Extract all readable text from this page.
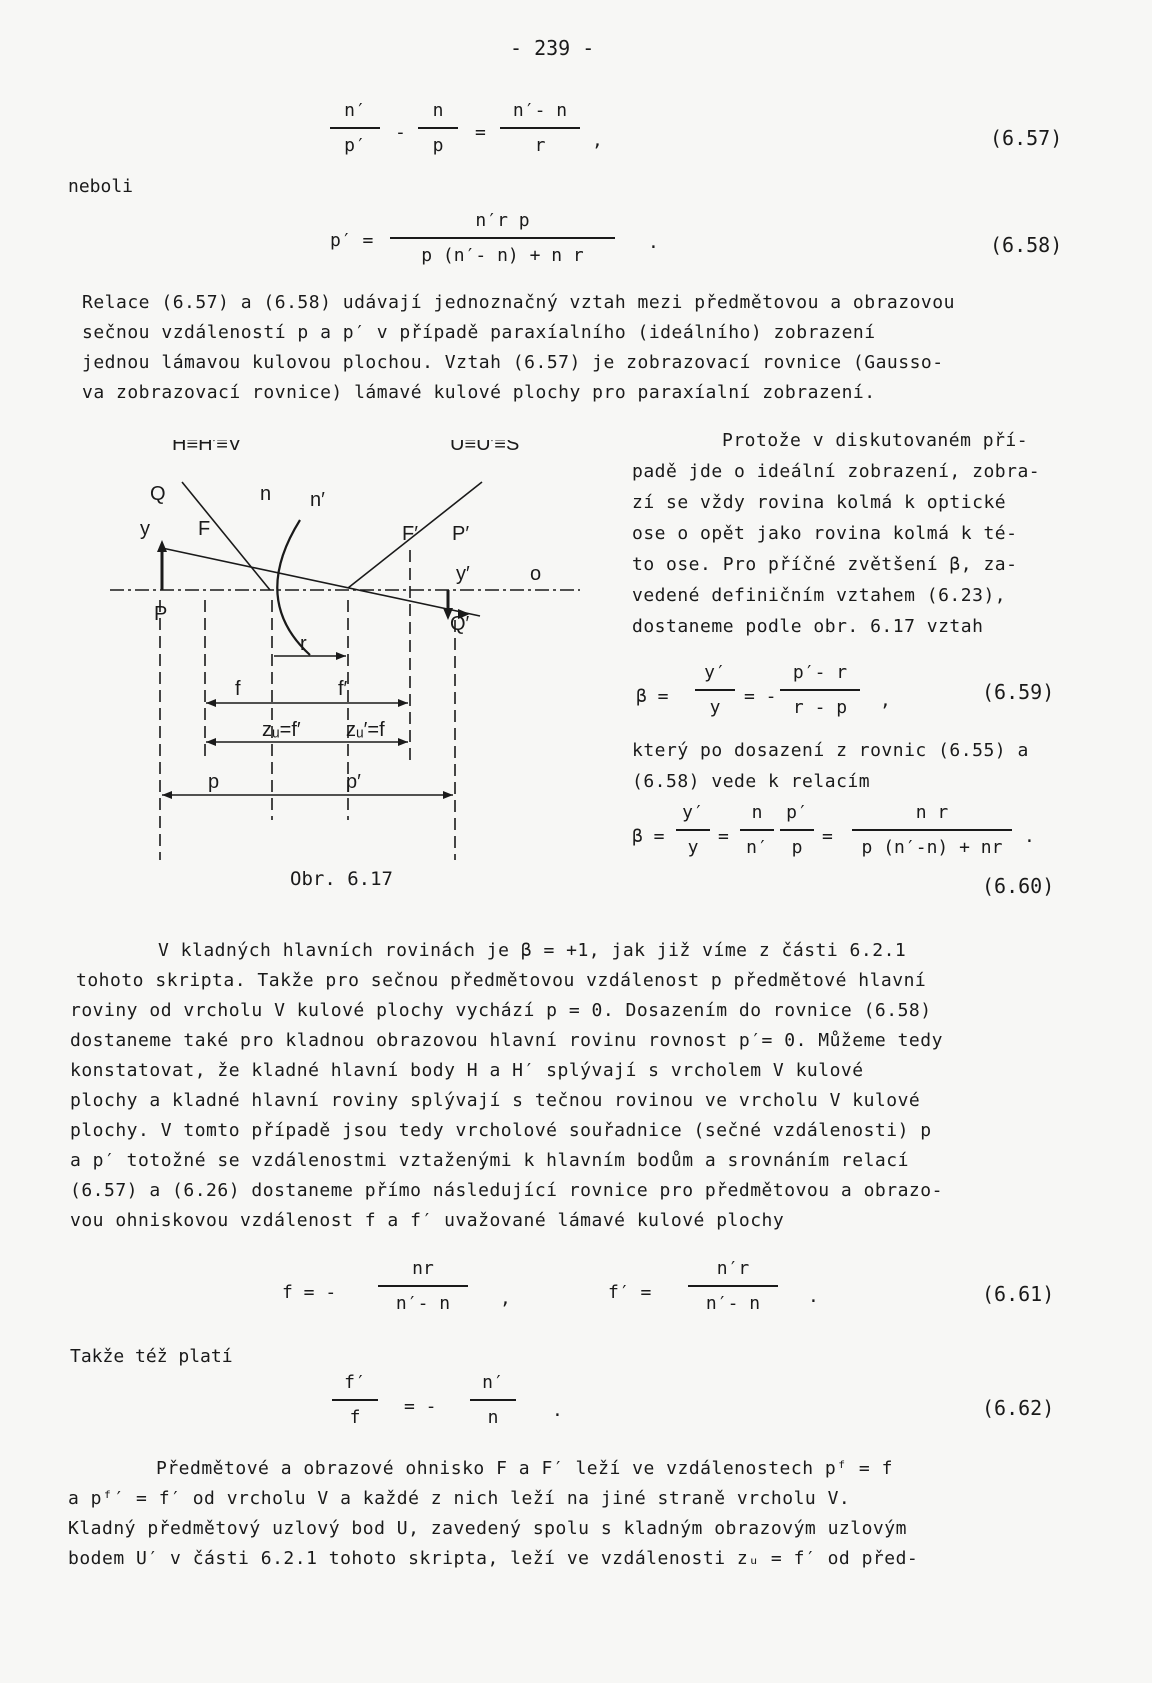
- 239 -
n′
p′
-
n
p
=
n′- n
r	,	(6.57)
neboli
p′ =
n′r p
p (n′- n) + n r
.	(6.58)
Relace (6.57) a (6.58) udávají jednoznačný vztah mezi předmětovou a obrazovou
sečnou vzdáleností p a p′ v případě paraxíalního (ideálního) zobrazení
jednou lámavou kulovou plochou. Vztah (6.57) je zobrazovací rovnice (Gausso-
va zobrazovací rovnice) lámavé kulové plochy pro paraxíalní zobrazení.
H≡H′≡V	U≡U′≡S
Q
y F
P
n n′
F′ P′
y′
Q′
o
r
f	f′
zᵤ=f′ zᵤ′=f
p	p′
Obr. 6.17
Protože v diskutovaném pří-
padě jde o ideální zobrazení, zobra-
zí se vždy rovina kolmá k optické
ose o opět jako rovina kolmá k té-
to ose. Pro příčné zvětšení β, za-
vedené definičním vztahem (6.23),
dostaneme podle obr. 6.17 vztah
β =
y′
y
= -
p′- r
r - p	,	(6.59)
který po dosazení z rovnic (6.55) a
(6.58) vede k relacím
β =
y′
y
=
n
n′
p′
p
=
n r
p (n′-n) + nr
.
(6.60)
V kladných hlavních rovinách je β = +1, jak již víme z části 6.2.1
tohoto skripta. Takže pro sečnou předmětovou vzdálenost p předmětové hlavní
roviny od vrcholu V kulové plochy vychází p = 0. Dosazením do rovnice (6.58)
dostaneme také pro kladnou obrazovou hlavní rovinu rovnost p′= 0. Můžeme tedy
konstatovat, že kladné hlavní body H a H′ splývají s vrcholem V kulové
plochy a kladné hlavní roviny splývají s tečnou rovinou ve vrcholu V kulové
plochy. V tomto případě jsou tedy vrcholové souřadnice (sečné vzdálenosti) p
a p′ totožné se vzdálenostmi vztаženými k hlavním bodům a srovnáním relací
(6.57) a (6.26) dostaneme přímo následující rovnice pro předmětovou a obrazo-
vou ohniskovou vzdálenost f a f′ uvažované lámavé kulové plochy
f = -
nr
n′- n	,	f′ =
n′r
n′- n	.	(6.61)
Takže též platí
f′
f
= -
n′
n	.	(6.62)
Předmětové a obrazové ohnisko F a F′ leží ve vzdálenostech pᶠ = f
a pᶠ′ = f′ od vrcholu V a každé z nich leží na jiné straně vrcholu V.
Kladný předmětový uzlový bod U, zavedený spolu s kladným obrazovým uzlovým
bodem U′ v části 6.2.1 tohoto skripta, leží ve vzdálenosti zᵤ = f′ od před-
